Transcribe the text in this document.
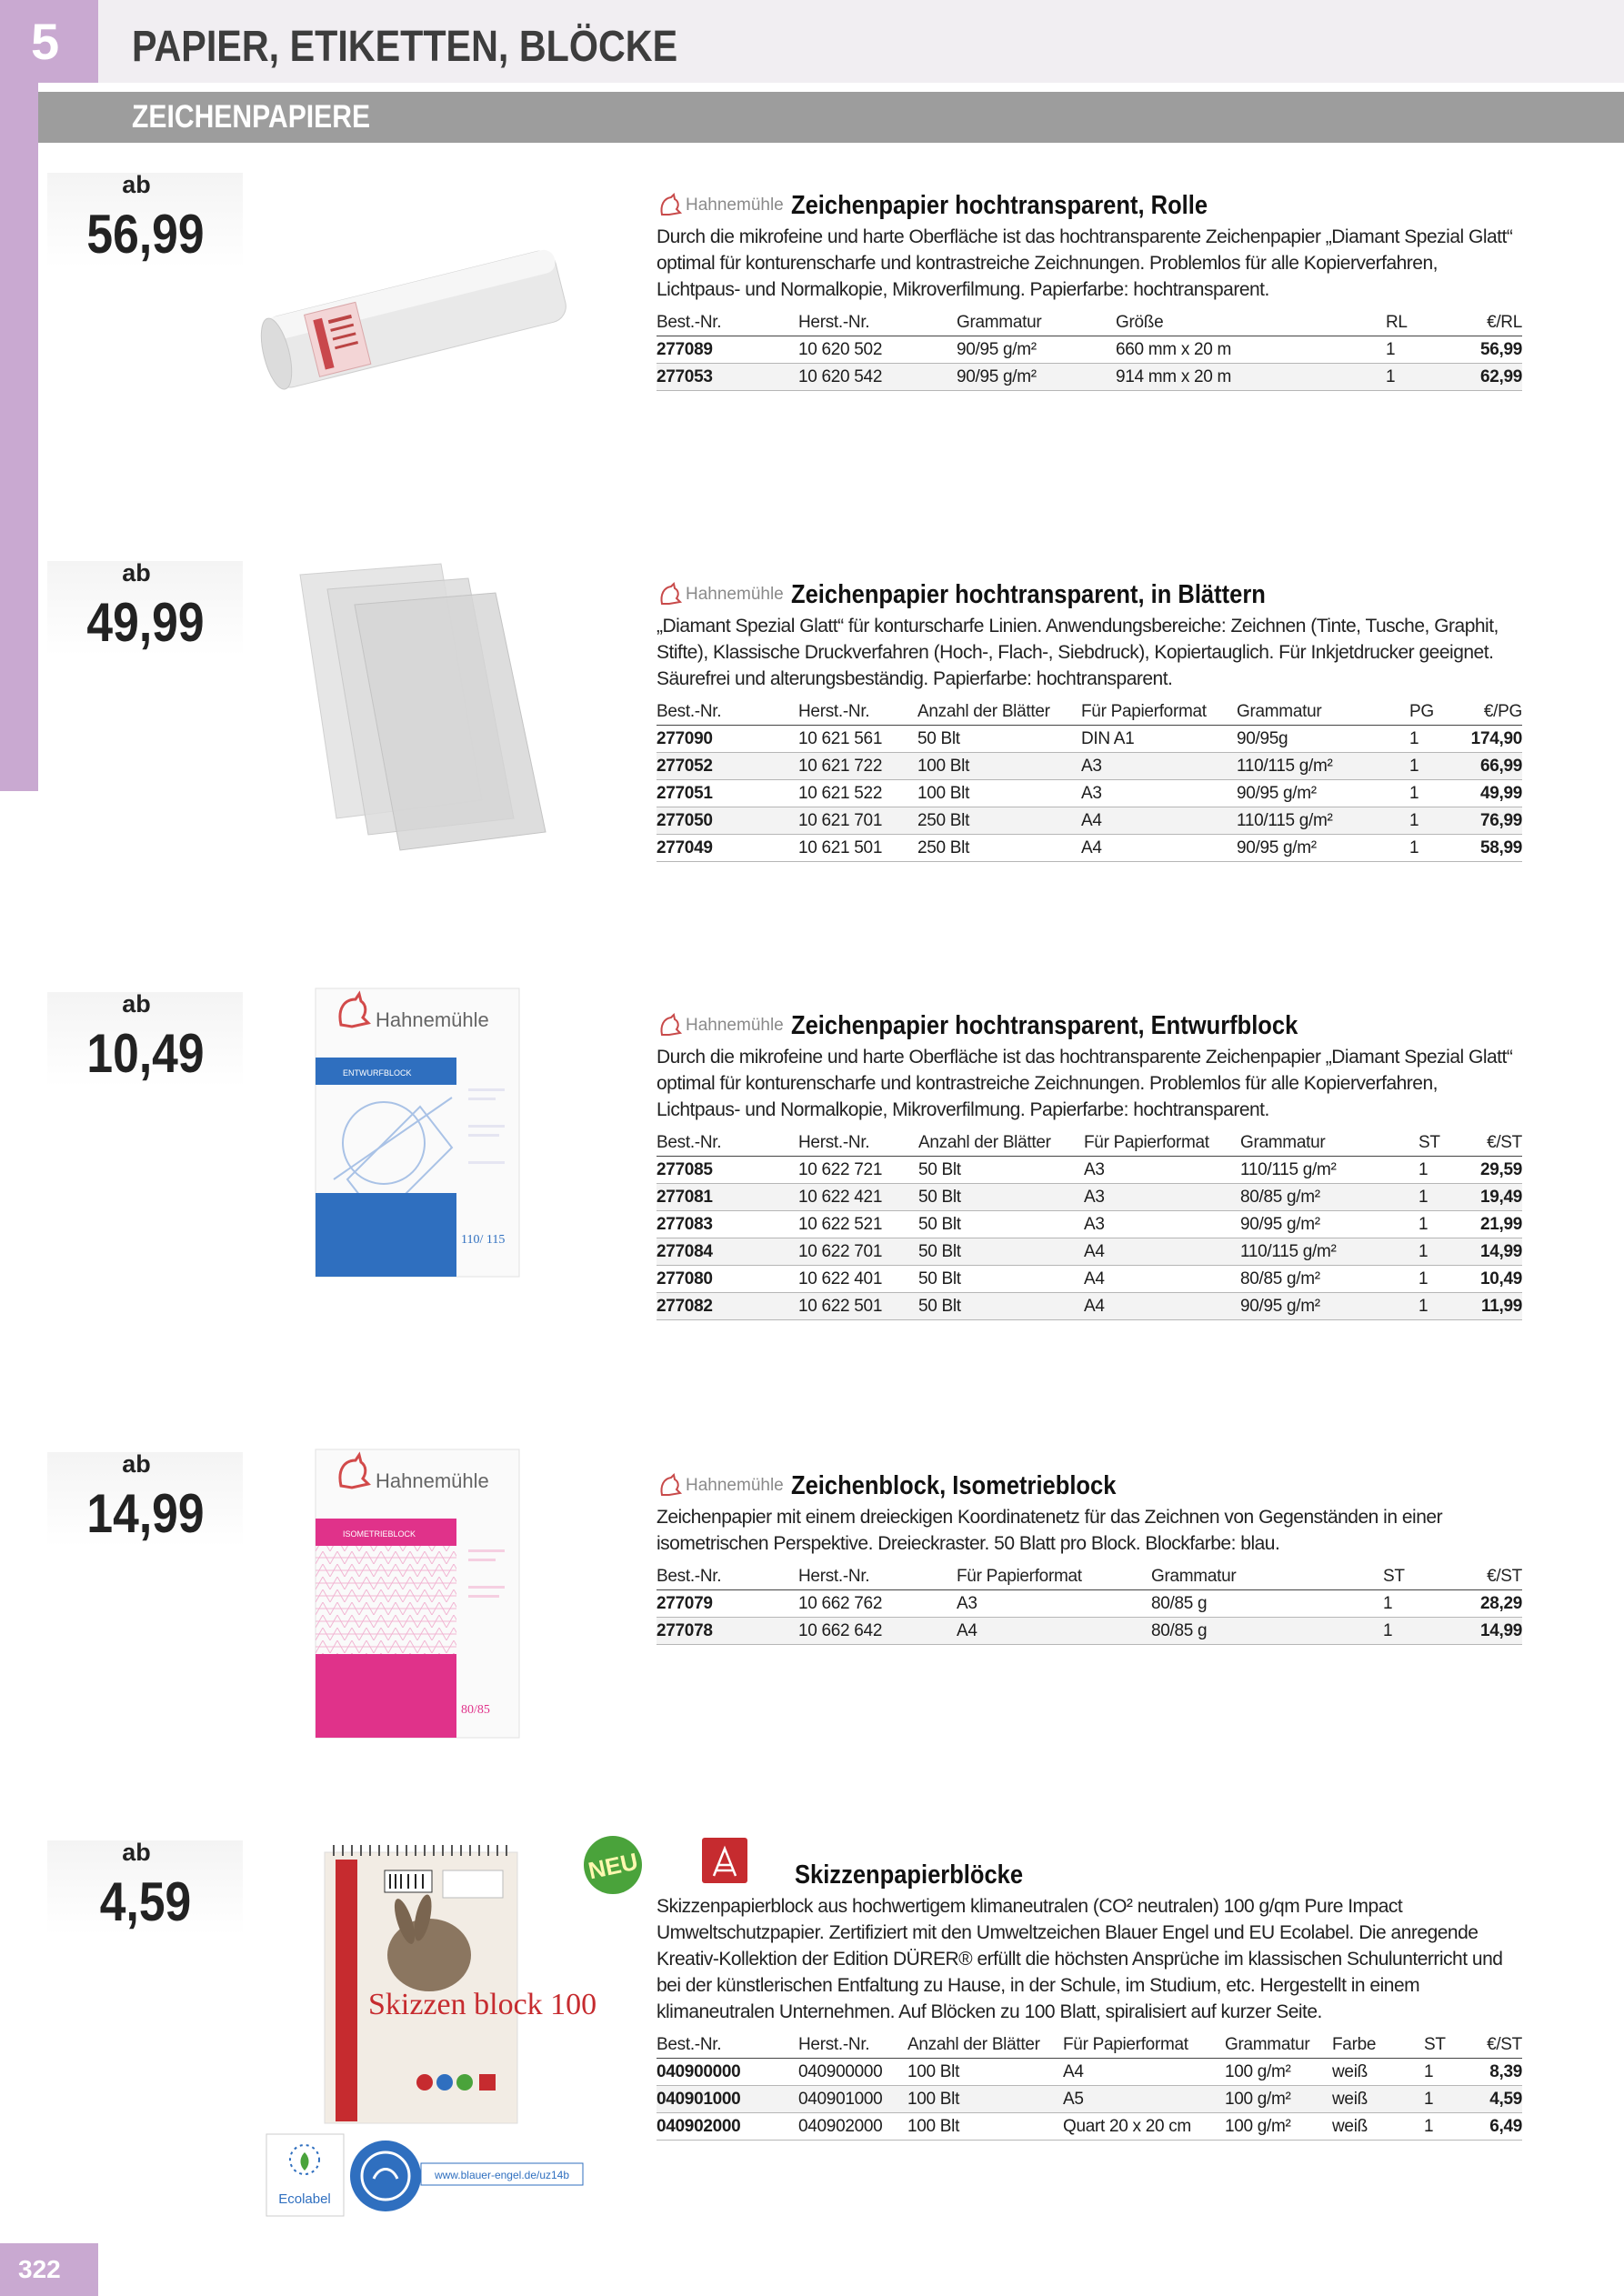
5	PAPIER, ETIKETTEN, BLÖCKE
ZEICHENPAPIERE
ab
56,99	Hahnemühle Zeichenpapier hochtransparent, Rolle
Durch die mikrofeine und harte Oberfläche ist das hochtransparente Zeichenpapier „Diamant Spezial Glatt“ optimal für konturenscharfe und kontrastreiche Zeichnungen. Problemlos für alle Kopierverfahren, Lichtpaus- und Normalkopie, Mikroverfilmung. Papierfarbe: hochtransparent.
Best.-Nr.	Herst.-Nr.	Grammatur	Größe	RL	€/RL
277089	10 620 502	90/95 g/m²	660 mm x 20 m	1	56,99
277053	10 620 542	90/95 g/m²	914 mm x 20 m	1	62,99
ab
49,99	Hahnemühle Zeichenpapier hochtransparent, in Blättern
„Diamant Spezial Glatt“ für konturscharfe Linien. Anwendungsbereiche: Zeichnen (Tinte, Tusche, Graphit, Stifte), Klassische Druckverfahren (Hoch-, Flach-, Siebdruck), Kopiertauglich. Für Inkjetdrucker geeignet. Säurefrei und alterungsbeständig. Papierfarbe: hochtransparent.
Best.-Nr.	Herst.-Nr.	Anzahl der Blätter	Für Papierformat	Grammatur	PG	€/PG
277090	10 621 561	50 Blt	DIN A1	90/95g	1	174,90
277052	10 621 722	100 Blt	A3	110/115 g/m²	1	66,99
277051	10 621 522	100 Blt	A3	90/95 g/m²	1	49,99
277050	10 621 701	250 Blt	A4	110/115 g/m²	1	76,99
277049	10 621 501	250 Blt	A4	90/95 g/m²	1	58,99
ab
10,49
Hahnemühle
ENTWURFBLOCK
110/ 115
Hahnemühle Zeichenpapier hochtransparent, Entwurfblock
Durch die mikrofeine und harte Oberfläche ist das hochtransparente Zeichenpapier „Diamant Spezial Glatt“ optimal für konturenscharfe und kontrastreiche Zeichnungen. Problemlos für alle Kopierverfahren, Lichtpaus- und Normalkopie, Mikroverfilmung. Papierfarbe: hochtransparent.
Best.-Nr.	Herst.-Nr.	Anzahl der Blätter	Für Papierformat	Grammatur	ST	€/ST
277085	10 622 721	50 Blt	A3	110/115 g/m²	1	29,59
277081	10 622 421	50 Blt	A3	80/85 g/m²	1	19,49
277083	10 622 521	50 Blt	A3	90/95 g/m²	1	21,99
277084	10 622 701	50 Blt	A4	110/115 g/m²	1	14,99
277080	10 622 401	50 Blt	A4	80/85 g/m²	1	10,49
277082	10 622 501	50 Blt	A4	90/95 g/m²	1	11,99
ab
14,99
Hahnemühle
ISOMETRIEBLOCK
80/85
Hahnemühle Zeichenblock, Isometrieblock
Zeichenpapier mit einem dreieckigen Koordinatenetz für das Zeichnen von Gegenständen in einer isometrischen Perspektive. Dreieckraster. 50 Blatt pro Block. Blockfarbe: blau.
Best.-Nr.	Herst.-Nr.	Für Papierformat	Grammatur	ST	€/ST
277079	10 662 762	A3	80/85 g	1	28,29
277078	10 662 642	A4	80/85 g	1	14,99
ab
4,59
Skizzen block 100
NEU
Ecolabel
www.blauer-engel.de/uz14b
Skizzenpapierblöcke
Skizzenpapierblock aus hochwertigem klimaneutralen (CO² neutralen) 100 g/qm Pure Impact Umweltschutzpapier. Zertifiziert mit den Umweltzeichen Blauer Engel und EU Ecolabel. Die anregende Kreativ-Kollektion der Edition DÜRER® erfüllt die höchsten Ansprüche im klassischen Schulunterricht und bei der künstlerischen Entfaltung zu Hause, in der Schule, im Studium, etc. Hergestellt in einem klimaneutralen Unternehmen. Auf Blöcken zu 100 Blatt, spiralisiert auf kurzer Seite.
Best.-Nr.	Herst.-Nr.	Anzahl der Blätter	Für Papierformat	Grammatur	Farbe	ST	€/ST
040900000	040900000	100 Blt	A4	100 g/m²	weiß	1	8,39
040901000	040901000	100 Blt	A5	100 g/m²	weiß	1	4,59
040902000	040902000	100 Blt	Quart 20 x 20 cm	100 g/m²	weiß	1	6,49
322
